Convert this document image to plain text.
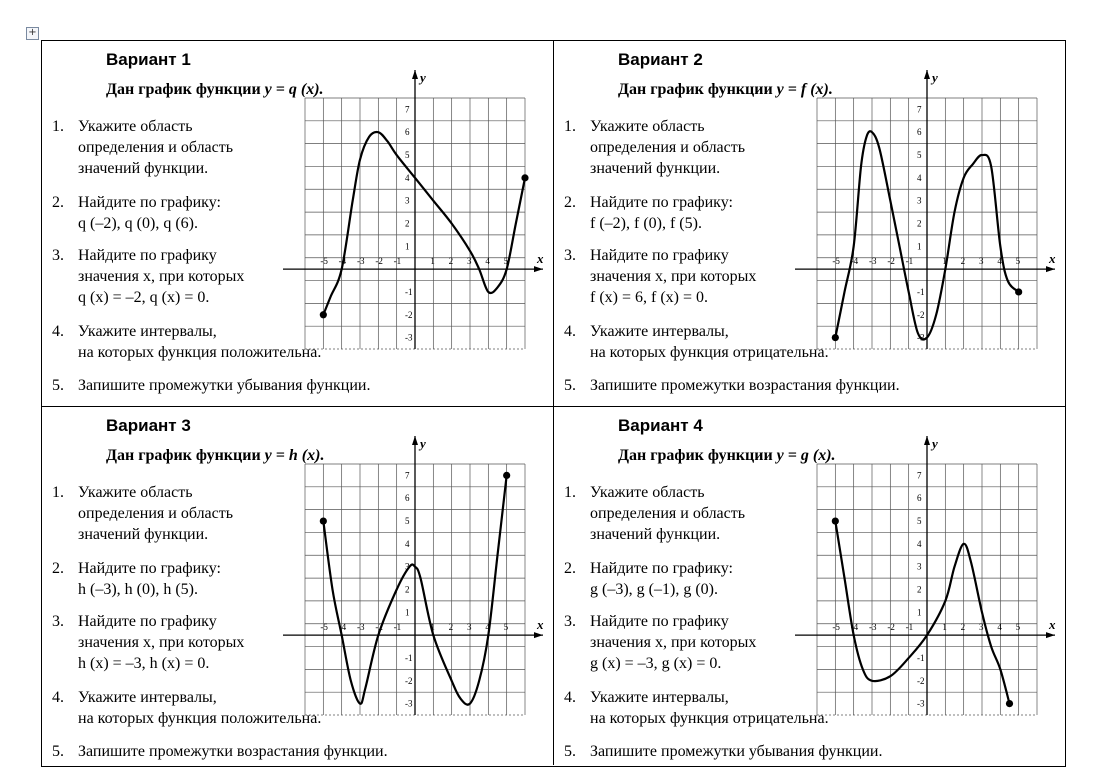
+
Вариант 1
Дан график функции y = q (x).
1. Укажите область
определения и область
значений функции.
2. Найдите по графику:
q (–2), q (0), q (6).
3. Найдите по графику
значения x, при которых
q (x) = –2, q (x) = 0.
4. Укажите интервалы,
на которых функция положительна.
5. Запишите промежутки убывания функции.
-5 -4 -3 -2 -1	1 2 3 4 5
-3
-2
-1
1
2
3
4
5
6
7
x
y
Вариант 2
Дан график функции y = f (x).
1. Укажите область
определения и область
значений функции.
2. Найдите по графику:
f (–2), f (0), f (5).
3. Найдите по графику
значения x, при которых
f (x) = 6, f (x) = 0.
4. Укажите интервалы,
на которых функция отрицательна.
5. Запишите промежутки возрастания функции.
-5 -4 -3 -2 -1	1 2 3 4 5
-3
-2
-1
1
2
3
4
5
6
7
x
y
Вариант 3
Дан график функции y = h (x).
1. Укажите область
определения и область
значений функции.
2. Найдите по графику:
h (–3), h (0), h (5).
3. Найдите по графику
значения x, при которых
h (x) = –3, h (x) = 0.
4. Укажите интервалы,
на которых функция положительна.
5. Запишите промежутки возрастания функции.
-5 -4 -3 -2 -1	1 2 3 4 5
-3
-2
-1
1
2
3
4
5
6
7
x
y
Вариант 4
Дан график функции y = g (x).
1. Укажите область
определения и область
значений функции.
2. Найдите по графику:
g (–3), g (–1), g (0).
3. Найдите по графику
значения x, при которых
g (x) = –3, g (x) = 0.
4. Укажите интервалы,
на которых функция отрицательна.
5. Запишите промежутки убывания функции.
-5 -4 -3 -2 -1	1 2 3 4 5
-3
-2
-1
1
2
3
4
5
6
7
x
y
